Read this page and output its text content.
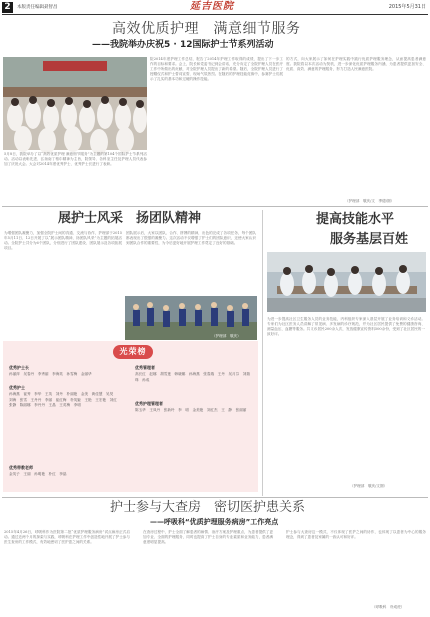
2	本版责任编辑 聂智昌	延吉医院	2015年5月31日
高效优质护理　满意细节服务
——我院举办庆祝5 · 12国际护士节系列活动
5月8日，我院举办了以“高效优质护理 满意细节服务”为主题的第104个国际护士节系列活动。活动以表彰先进、弘扬南丁格尔精神为主旨，院领导、各科室主任及护理人员代表参加了庆祝大会。大会对2014年度优秀护士、优秀护士长进行了表彰。
院2014年度护理工作总结，报告了2014年护理工作取得的成绩，提出了下一步工作的目标和要求。会上，院长和党委书记到会讲话，充分肯定了全院护理人员在医疗工作中所做出的贡献，对全院护理人员提出了新的希望。随后，全院护理人员进行了授帽仪式和护士誓词宣誓，现场气氛热烈。在随后的护理技能竞赛中，参赛护士们展示了扎实的基本功和过硬的操作技能。
的方式，向大家展示了如何在护理实践中践行优质护理服务理念，从而提高患者满意度。我院将以本次活动为契机，进一步深化优质护理服务内涵，为患者提供更加安全、优质、高效、满意的护理服务，努力打造人民满意医院。
（护理部　敬庆/文　季德/图）
展护士风采　扬团队精神
为增强团队凝聚力，加强全院护士间的沟通、交流与协作，护理部于2015年5月11日、12日开展了以“展示团队精神，扬团队风采”为主题的拓展活动。全院护士共分为6个团队，分别进行了团队建设、团队展示及各项拓展项目。
团队展示后，大家以团队、合作、拼搏的精神，出色的完成了各项任务，每个团队都表现出了很强的凝聚力。这次活动不仅增强了护士们的团队意识，还使大家认识到团队合作的重要性，为今后更好地开展护理工作奠定了良好的基础。
（护理部　敬庆）
提高技能水平
服务基层百姓
为进一步提高社区卫生服务人员的业务技能，内科组织专家深入基层开展了业务培训和义诊活动。专家们为社区医务人员讲解了常见病、多发病的诊疗规范，并为社区居民提供了免费的健康咨询、测量血压、血糖等服务。共义诊居民200余人次，发放健康宣传资料500余份，受到了社区居民的一致好评。
（护理部　敬庆/文图）
光荣榜
优秀护士长
孙丽萍　吴春丹　李秀丽　李海英　孙雪梅　金丽华
优秀护士
孙海燕　崔秀　李华　王英　刘丹　朴丽艳　金美　黄佳慧　吴昊　刘海　张雪　王丹丹　李丽　崔红梅　朴英姬　王艳　王宏艳　刘红　张静　陈丽娜　李丹丹　王晶　王英梅　李明
优秀带教老师
金英子　王丽　孙明艳　朴红　李晶
优秀管理者
高长红　赵娜　胡雪莲　韩晓娜　孙海燕　张春瑞　王丹　吴月芬　刘瑞珠　孙成
优秀护理管理者
陈玉华　王凤丹　张新玲　李　明　金美艳　刘红杰　王　静　张丽丽
护士参与大查房　密切医护患关系
——呼吸科“优质护理服务病房”工作亮点
2015年4月26日，呼吸科作为医院第二批“优质护理服务病房”试点病房正式启动。通过近两个月的探索与实践，呼吸科在护理工作中创造性地开展了护士参与医生查房的工作模式，有效地密切了医护患之间的关系。
在查房过程中，护士全面了解患者的病情、治疗方案及护理重点，为患者提供了更加专业、全面的护理服务，同时也提高了护士自身的专业素质和业务能力，患者满意度明显提高。
护士参与大查房这一模式，不仅体现了医护之间的协作，也体现了以患者为中心的服务理念，得到了患者及家属的一致认可和好评。
（呼吸科　朴成虎）
